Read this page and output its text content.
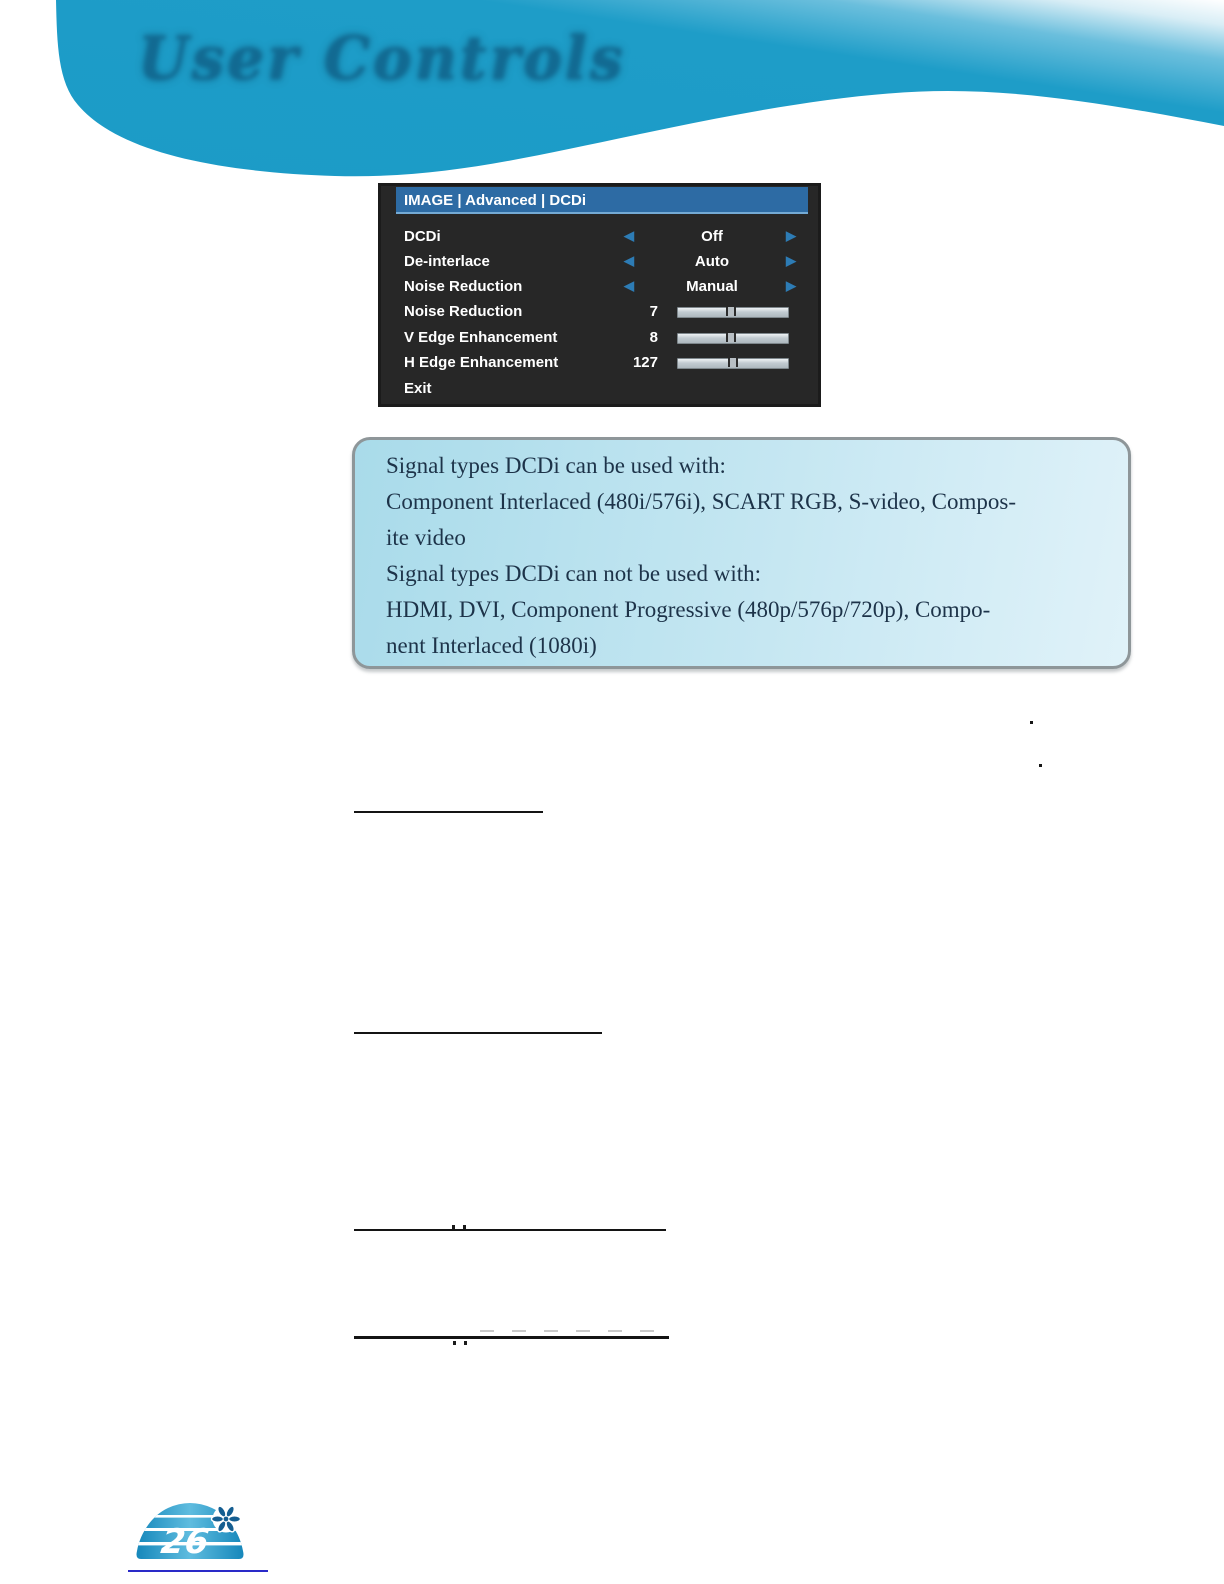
User Controls
IMAGE | Advanced | DCDi
DCDi	◀	Off	▶
De-interlace	◀	Auto	▶
Noise Reduction	◀	Manual	▶
Noise Reduction	7
V Edge Enhancement	8
H Edge Enhancement	127
Exit
Signal types DCDi can be used with:
Component Interlaced (480i/576i), SCART RGB, S-video, Compos-
ite video
Signal types DCDi can not be used with:
HDMI, DVI, Component Progressive (480p/576p/720p), Compo-
nent Interlaced (1080i)
26
